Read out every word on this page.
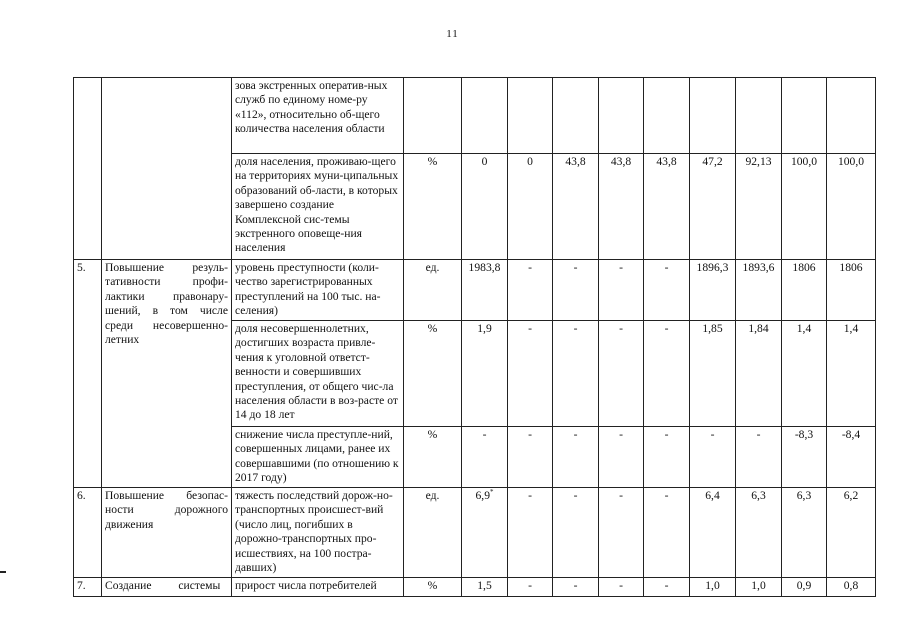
11
		зова экстренных оператив-ных служб по единому номе-ру «112», относительно об-щего количества населения области										
		доля населения, проживаю-щего на территориях муни-ципальных образований об-ласти, в которых завершено создание Комплексной сис-темы экстренного оповеще-ния населения	%	0	0	43,8	43,8	43,8	47,2	92,13	100,0	100,0
5.	Повышение резуль-тативности профи-лактики правонару-шений, в том числе среди несовершенно-летних	уровень преступности (коли-чество зарегистрированных преступлений на 100 тыс. на-селения)	ед.	1983,8	-	-	-	-	1896,3	1893,6	1806	1806
		доля несовершеннолетних, достигших возраста привле-чения к уголовной ответст-венности и совершивших преступления, от общего чис-ла населения области в воз-расте от 14 до 18 лет	%	1,9	-	-	-	-	1,85	1,84	1,4	1,4
		снижение числа преступле-ний, совершенных лицами, ранее их совершавшими (по отношению к 2017 году)	%	-	-	-	-	-	-	-	-8,3	-8,4
6.	Повышение безопас-ности дорожного движения	тяжесть последствий дорож-но-транспортных происшест-вий (число лиц, погибших в дорожно-транспортных про-исшествиях, на 100 постра-давших)	ед.	6,9*	-	-	-	-	6,4	6,3	6,3	6,2
7.	Создание системы	прирост числа потребителей	%	1,5	-	-	-	-	1,0	1,0	0,9	0,8
